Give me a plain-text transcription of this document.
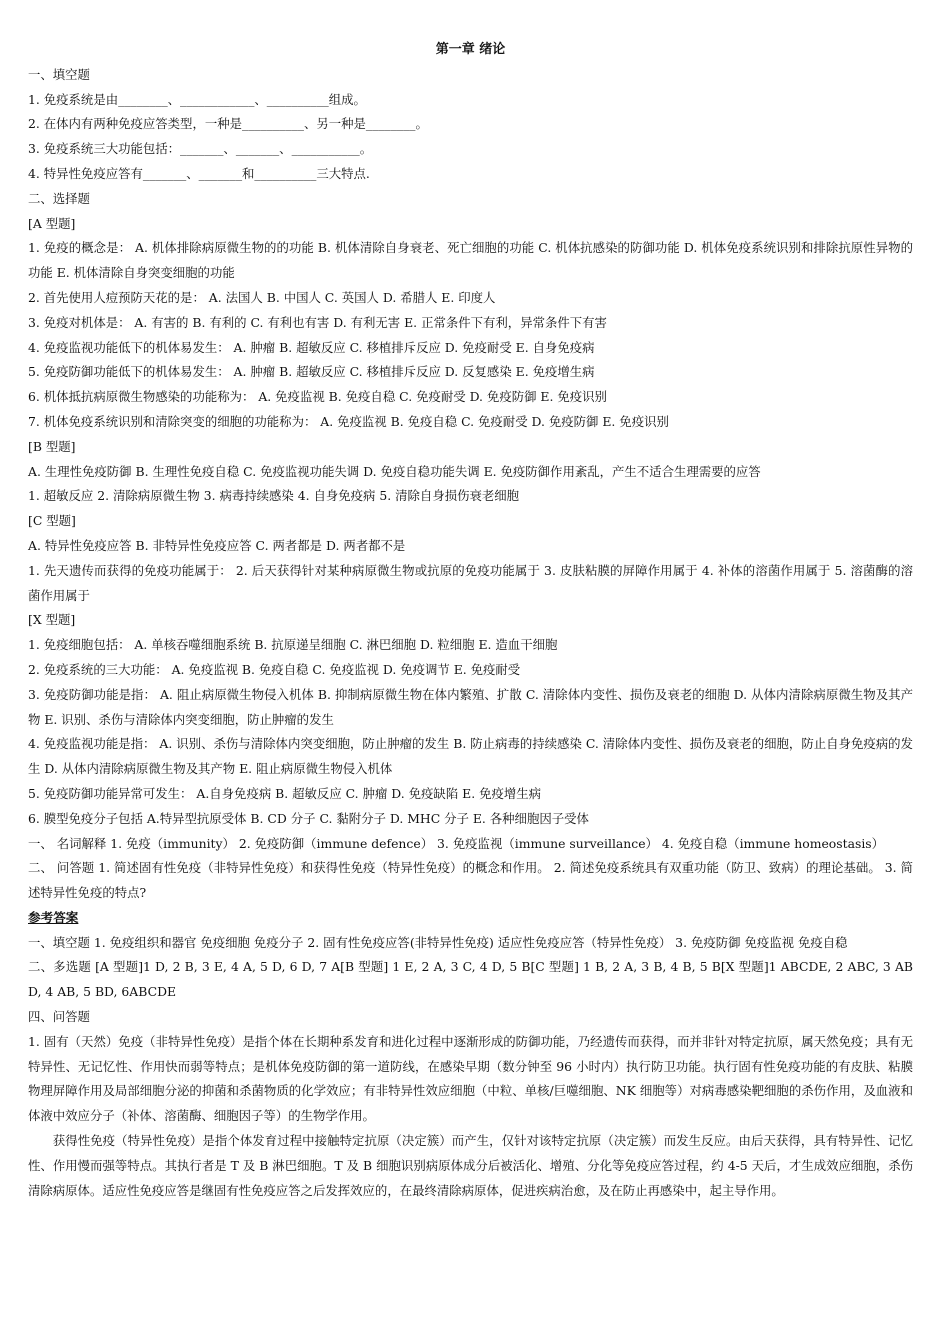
第一章 绪论
一、填空题
1. 免疫系统是由________、____________、__________组成。
2. 在体内有两种免疫应答类型，一种是__________、另一种是________。
3. 免疫系统三大功能包括：_______、_______、___________。
4. 特异性免疫应答有_______、_______和__________三大特点.
二、选择题
[A 型题]
1. 免疫的概念是： A. 机体排除病原微生物的的功能 B. 机体清除自身衰老、死亡细胞的功能 C. 机体抗感染的防御功能 D. 机体免疫系统识别和排除抗原性异物的功能 E. 机体清除自身突变细胞的功能
2. 首先使用人痘预防天花的是： A. 法国人 B. 中国人 C. 英国人 D. 希腊人 E. 印度人
3. 免疫对机体是： A. 有害的 B. 有利的 C. 有利也有害 D. 有利无害 E. 正常条件下有利，异常条件下有害
4. 免疫监视功能低下的机体易发生： A. 肿瘤 B. 超敏反应 C. 移植排斥反应 D. 免疫耐受 E. 自身免疫病
5. 免疫防御功能低下的机体易发生： A. 肿瘤 B. 超敏反应 C. 移植排斥反应 D. 反复感染 E. 免疫增生病
6. 机体抵抗病原微生物感染的功能称为： A. 免疫监视 B. 免疫自稳 C. 免疫耐受 D. 免疫防御 E. 免疫识别
7. 机体免疫系统识别和清除突变的细胞的功能称为： A. 免疫监视 B. 免疫自稳 C. 免疫耐受 D. 免疫防御 E. 免疫识别
[B 型题]
A. 生理性免疫防御 B. 生理性免疫自稳 C. 免疫监视功能失调 D. 免疫自稳功能失调 E. 免疫防御作用紊乱，产生不适合生理需要的应答
1. 超敏反应 2. 清除病原微生物 3. 病毒持续感染 4. 自身免疫病 5. 清除自身损伤衰老细胞
[C 型题]
A. 特异性免疫应答 B. 非特异性免疫应答 C. 两者都是 D. 两者都不是
1. 先天遗传而获得的免疫功能属于： 2. 后天获得针对某种病原微生物或抗原的免疫功能属于 3. 皮肤粘膜的屏障作用属于 4. 补体的溶菌作用属于 5. 溶菌酶的溶菌作用属于
[X 型题]
1. 免疫细胞包括： A. 单核吞噬细胞系统 B. 抗原递呈细胞 C. 淋巴细胞 D. 粒细胞 E. 造血干细胞
2. 免疫系统的三大功能： A. 免疫监视 B. 免疫自稳 C. 免疫监视 D. 免疫调节 E. 免疫耐受
3. 免疫防御功能是指： A. 阻止病原微生物侵入机体 B. 抑制病原微生物在体内繁殖、扩散 C. 清除体内变性、损伤及衰老的细胞 D. 从体内清除病原微生物及其产物 E. 识别、杀伤与清除体内突变细胞，防止肿瘤的发生
4. 免疫监视功能是指： A. 识别、杀伤与清除体内突变细胞，防止肿瘤的发生 B. 防止病毒的持续感染 C. 清除体内变性、损伤及衰老的细胞，防止自身免疫病的发生 D. 从体内清除病原微生物及其产物 E. 阻止病原微生物侵入机体
5. 免疫防御功能异常可发生： A.自身免疫病 B. 超敏反应 C. 肿瘤 D. 免疫缺陷 E. 免疫增生病
6. 膜型免疫分子包括 A.特异型抗原受体 B. CD 分子 C. 黏附分子 D. MHC 分子 E. 各种细胞因子受体
一、 名词解释 1. 免疫（immunity） 2. 免疫防御（immune defence） 3. 免疫监视（immune surveillance） 4. 免疫自稳（immune homeostasis）
二、 问答题 1. 简述固有性免疫（非特异性免疫）和获得性免疫（特异性免疫）的概念和作用。 2. 简述免疫系统具有双重功能（防卫、致病）的理论基础。 3. 简述特异性免疫的特点?
参考答案
一、填空题 1. 免疫组织和器官 免疫细胞 免疫分子 2. 固有性免疫应答(非特异性免疫) 适应性免疫应答（特异性免疫） 3. 免疫防御 免疫监视 免疫自稳
二、多选题 [A 型题]1 D, 2 B, 3 E, 4 A, 5 D, 6 D, 7 A[B 型题] 1 E, 2 A, 3 C, 4 D, 5 B[C 型题] 1 B, 2 A, 3 B, 4 B, 5 B[X 型题]1 ABCDE, 2 ABC, 3 ABD, 4 AB, 5 BD, 6ABCDE
四、问答题
1. 固有（天然）免疫（非特异性免疫）是指个体在长期种系发育和进化过程中逐渐形成的防御功能，乃经遗传而获得，而并非针对特定抗原，属天然免疫；具有无特异性、无记忆性、作用快而弱等特点；是机体免疫防御的第一道防线，在感染早期（数分钟至 96 小时内）执行防卫功能。执行固有性免疫功能的有皮肤、粘膜物理屏障作用及局部细胞分泌的抑菌和杀菌物质的化学效应；有非特异性效应细胞（中粒、单核/巨噬细胞、NK 细胞等）对病毒感染靶细胞的杀伤作用，及血液和体液中效应分子（补体、溶菌酶、细胞因子等）的生物学作用。
获得性免疫（特异性免疫）是指个体发育过程中接触特定抗原（决定簇）而产生，仅针对该特定抗原（决定簇）而发生反应。由后天获得，具有特异性、记忆性、作用慢而强等特点。其执行者是 T 及 B 淋巴细胞。T 及 B 细胞识别病原体成分后被活化、增殖、分化等免疫应答过程，约 4-5 天后，才生成效应细胞，杀伤清除病原体。适应性免疫应答是继固有性免疫应答之后发挥效应的，在最终清除病原体，促进疾病治愈，及在防止再感染中，起主导作用。
